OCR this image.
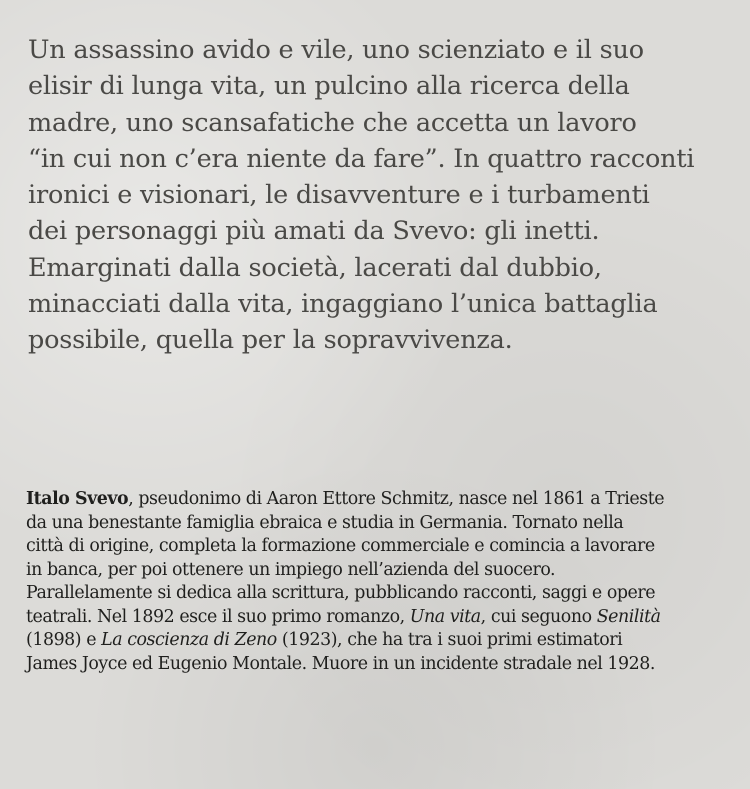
Un assassino avido e vile, uno scienziato e il suo
elisir di lunga vita, un pulcino alla ricerca della
madre, uno scansafatiche che accetta un lavoro
“in cui non c’era niente da fare”. In quattro racconti
ironici e visionari, le disavventure e i turbamenti
dei personaggi più amati da Svevo: gli inetti.
Emarginati dalla società, lacerati dal dubbio,
minacciati dalla vita, ingaggiano l’unica battaglia
possibile, quella per la sopravvivenza.

Italo Svevo, pseudonimo di Aaron Ettore Schmitz, nasce nel 1861 a Trieste
da una benestante famiglia ebraica e studia in Germania. Tornato nella
città di origine, completa la formazione commerciale e comincia a lavorare
in banca, per poi ottenere un impiego nell’azienda del suocero.
Parallelamente si dedica alla scrittura, pubblicando racconti, saggi e opere
teatrali. Nel 1892 esce il suo primo romanzo, Una vita, cui seguono Senilità
(1898) e La coscienza di Zeno (1923), che ha tra i suoi primi estimatori
James Joyce ed Eugenio Montale. Muore in un incidente stradale nel 1928.
